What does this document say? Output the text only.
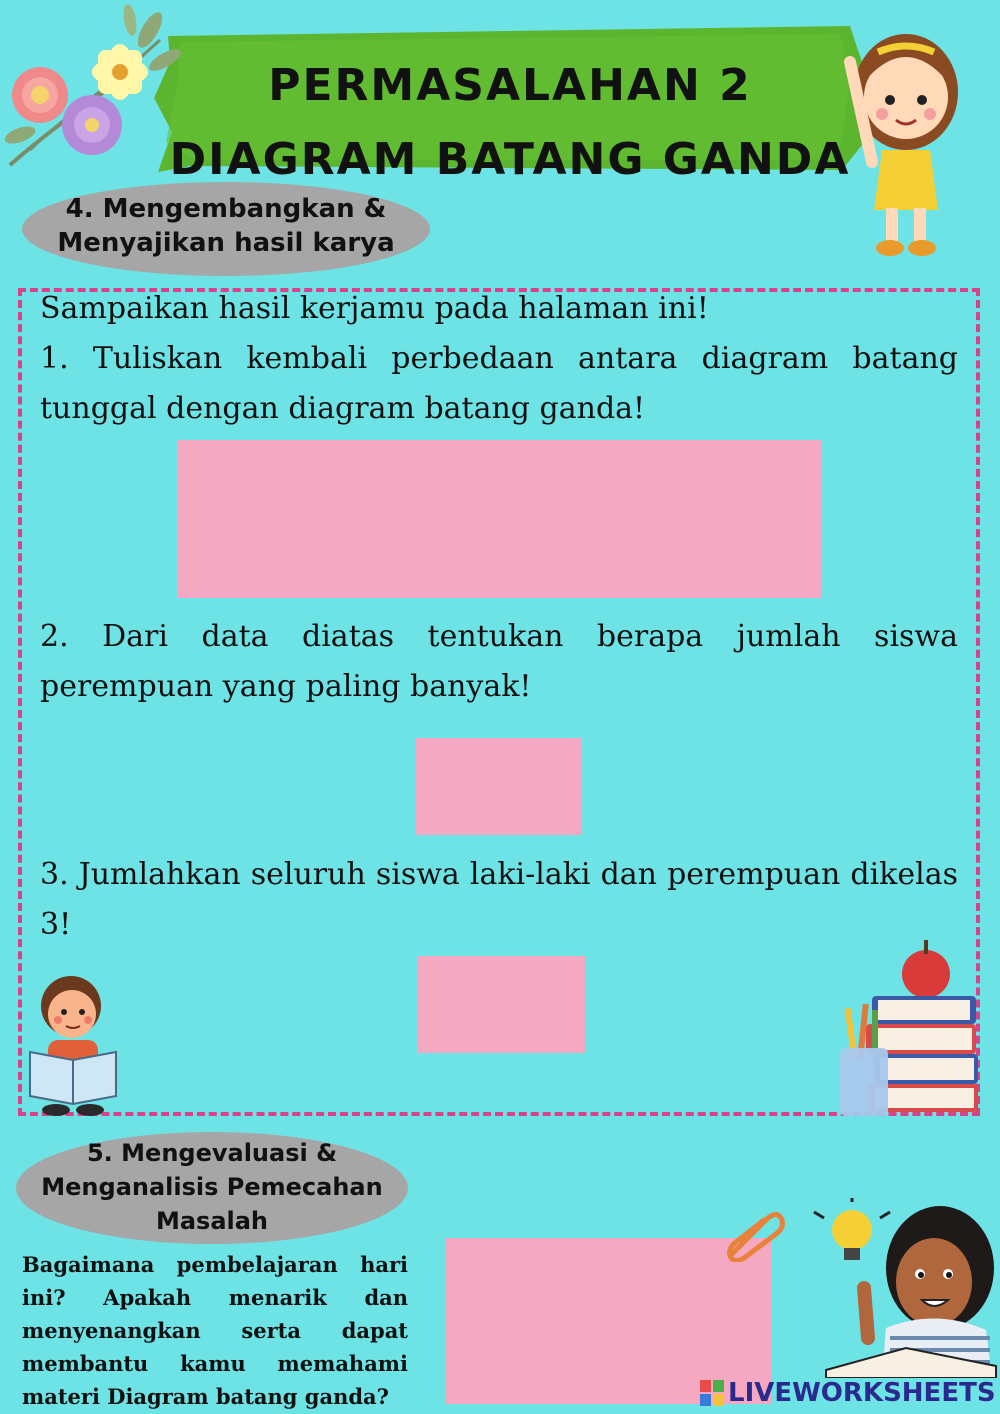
PERMASALAHAN 2
DIAGRAM BATANG GANDA
4. Mengembangkan & Menyajikan hasil karya
Sampaikan hasil kerjamu pada halaman ini!
1. Tuliskan kembali perbedaan antara diagram batang tunggal dengan diagram batang ganda!
2. Dari data diatas tentukan berapa jumlah siswa perempuan yang paling banyak!
3. Jumlahkan seluruh siswa laki-laki dan perempuan dikelas 3!
5. Mengevaluasi & Menganalisis Pemecahan Masalah
Bagaimana pembelajaran hari ini? Apakah menarik dan menyenangkan serta dapat membantu kamu memahami materi Diagram batang ganda?	LIVEWORKSHEETS
